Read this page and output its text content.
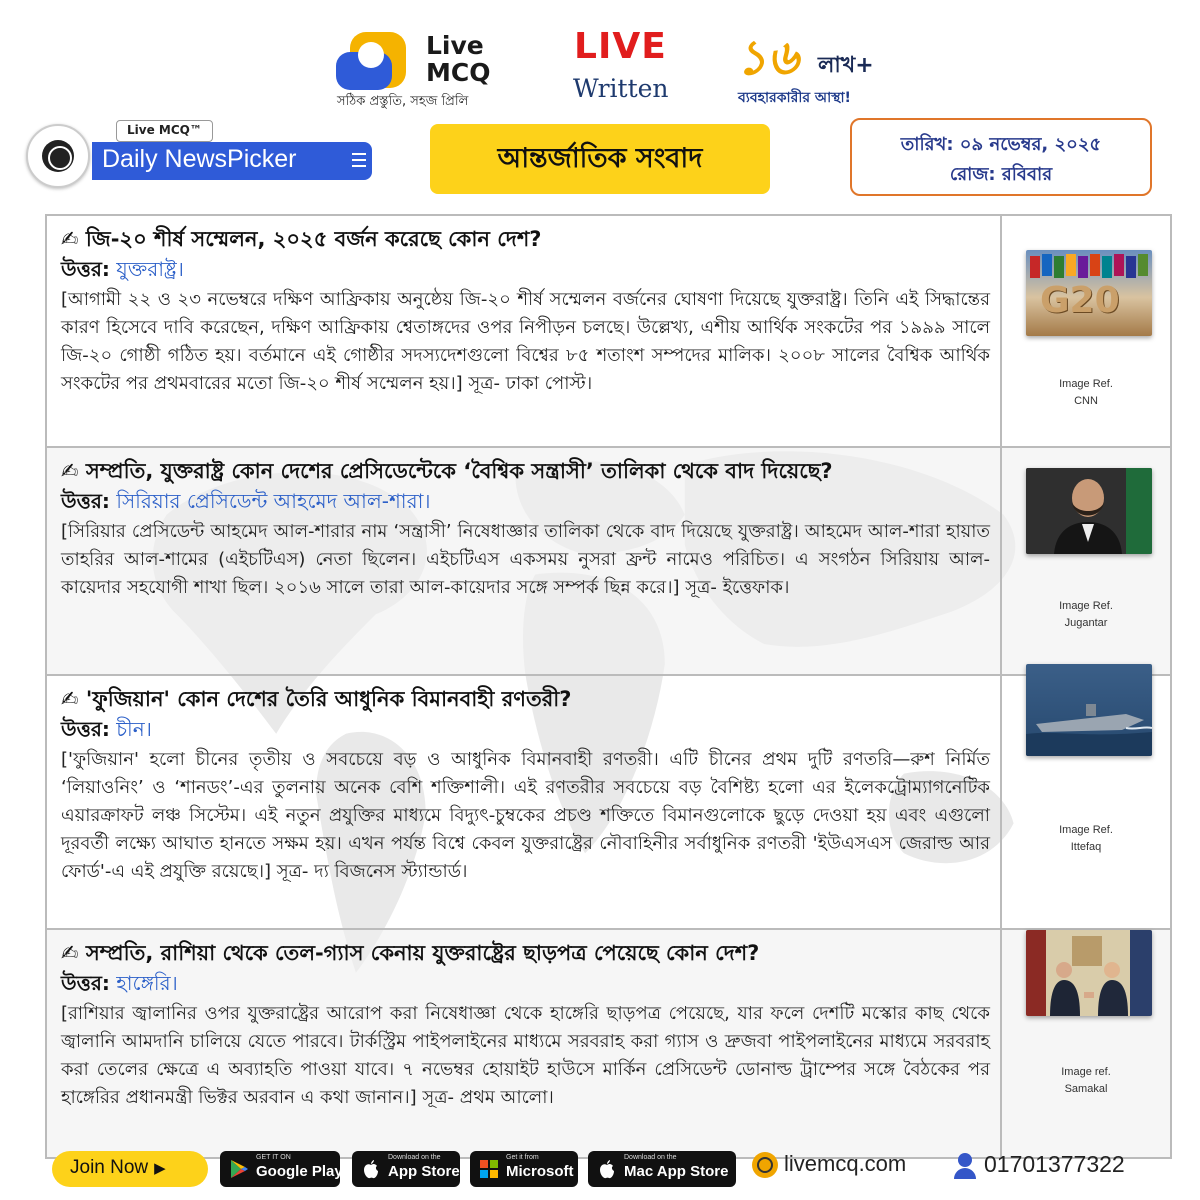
Live
MCQ
সঠিক প্রস্তুতি, সহজ প্রিলি
LIVE
Written
১৬ লাখ+
ব্যবহারকারীর আস্থা!
Live MCQ™
Daily NewsPicker	আন্তর্জাতিক সংবাদ	তারিখ: ০৯ নভেম্বর, ২০২৫
রোজ: রবিবার
✍ জি-২০ শীর্ষ সম্মেলন, ২০২৫ বর্জন করেছে কোন দেশ?
উত্তর: যুক্তরাষ্ট্র।
[আগামী ২২ ও ২৩ নভেম্বরে দক্ষিণ আফ্রিকায় অনুষ্ঠেয় জি-২০ শীর্ষ সম্মেলন বর্জনের ঘোষণা দিয়েছে যুক্তরাষ্ট্র। তিনি এই সিদ্ধান্তের কারণ হিসেবে দাবি করেছেন, দক্ষিণ আফ্রিকায় শ্বেতাঙ্গদের ওপর নিপীড়ন চলছে। উল্লেখ্য, এশীয় আর্থিক সংকটের পর ১৯৯৯ সালে জি-২০ গোষ্ঠী গঠিত হয়। বর্তমানে এই গোষ্ঠীর সদস্যদেশগুলো বিশ্বের ৮৫ শতাংশ সম্পদের মালিক। ২০০৮ সালের বৈশ্বিক আর্থিক সংকটের পর প্রথমবারের মতো জি-২০ শীর্ষ সম্মেলন হয়।] সূত্র- ঢাকা পোস্ট।
G20
Image Ref.
CNN
✍ সম্প্রতি, যুক্তরাষ্ট্র কোন দেশের প্রেসিডেন্টেকে ‘বৈশ্বিক সন্ত্রাসী’ তালিকা থেকে বাদ দিয়েছে?
উত্তর: সিরিয়ার প্রেসিডেন্ট আহমেদ আল-শারা।
[সিরিয়ার প্রেসিডেন্ট আহমেদ আল-শারার নাম ‘সন্ত্রাসী’ নিষেধাজ্ঞার তালিকা থেকে বাদ দিয়েছে যুক্তরাষ্ট্র। আহমেদ আল-শারা হায়াত তাহরির আল-শামের (এইচটিএস) নেতা ছিলেন। এইচটিএস একসময় নুসরা ফ্রন্ট নামেও পরিচিত। এ সংগঠন সিরিয়ায় আল-কায়েদার সহযোগী শাখা ছিল। ২০১৬ সালে তারা আল-কায়েদার সঙ্গে সম্পর্ক ছিন্ন করে।] সূত্র- ইত্তেফাক।
Image Ref.
Jugantar
✍ 'ফুজিয়ান' কোন দেশের তৈরি আধুনিক বিমানবাহী রণতরী?
উত্তর: চীন।
['ফুজিয়ান' হলো চীনের তৃতীয় ও সবচেয়ে বড় ও আধুনিক বিমানবাহী রণতরী। এটি চীনের প্রথম দুটি রণতরি—রুশ নির্মিত ‘লিয়াওনিং’ ও ‘শানডং’-এর তুলনায় অনেক বেশি শক্তিশালী। এই রণতরীর সবচেয়ে বড় বৈশিষ্ট্য হলো এর ইলেকট্রোম্যাগনেটিক এয়ারক্রাফট লঞ্চ সিস্টেম। এই নতুন প্রযুক্তির মাধ্যমে বিদ্যুৎ-চুম্বকের প্রচণ্ড শক্তিতে বিমানগুলোকে ছুড়ে দেওয়া হয় এবং এগুলো দূরবর্তী লক্ষ্যে আঘাত হানতে সক্ষম হয়। এখন পর্যন্ত বিশ্বে কেবল যুক্তরাষ্ট্রের নৌবাহিনীর সর্বাধুনিক রণতরী 'ইউএসএস জেরাল্ড আর ফোর্ড'-এ এই প্রযুক্তি রয়েছে।] সূত্র- দ্য বিজনেস স্ট্যান্ডার্ড।
Image Ref.
Ittefaq
✍ সম্প্রতি, রাশিয়া থেকে তেল-গ্যাস কেনায় যুক্তরাষ্ট্রের ছাড়পত্র পেয়েছে কোন দেশ?
উত্তর: হাঙ্গেরি।
[রাশিয়ার জ্বালানির ওপর যুক্তরাষ্ট্রের আরোপ করা নিষেধাজ্ঞা থেকে হাঙ্গেরি ছাড়পত্র পেয়েছে, যার ফলে দেশটি মস্কোর কাছ থেকে জ্বালানি আমদানি চালিয়ে যেতে পারবে। টার্কস্ট্রিম পাইপলাইনের মাধ্যমে সরবরাহ করা গ্যাস ও দ্রুজবা পাইপলাইনের মাধ্যমে সরবরাহ করা তেলের ক্ষেত্রে এ অব্যাহতি পাওয়া যাবে। ৭ নভেম্বর হোয়াইট হাউসে মার্কিন প্রেসিডেন্ট ডোনাল্ড ট্রাম্পের সঙ্গে বৈঠকের পর হাঙ্গেরির প্রধানমন্ত্রী ভিক্টর অরবান এ কথা জানান।] সূত্র- প্রথম আলো।
Image ref.
Samakal
Join Now ▶
GET IT ON
Google Play
Download on the
App Store
Get it from
Microsoft
Download on the
Mac App Store	livemcq.com	01701377322
